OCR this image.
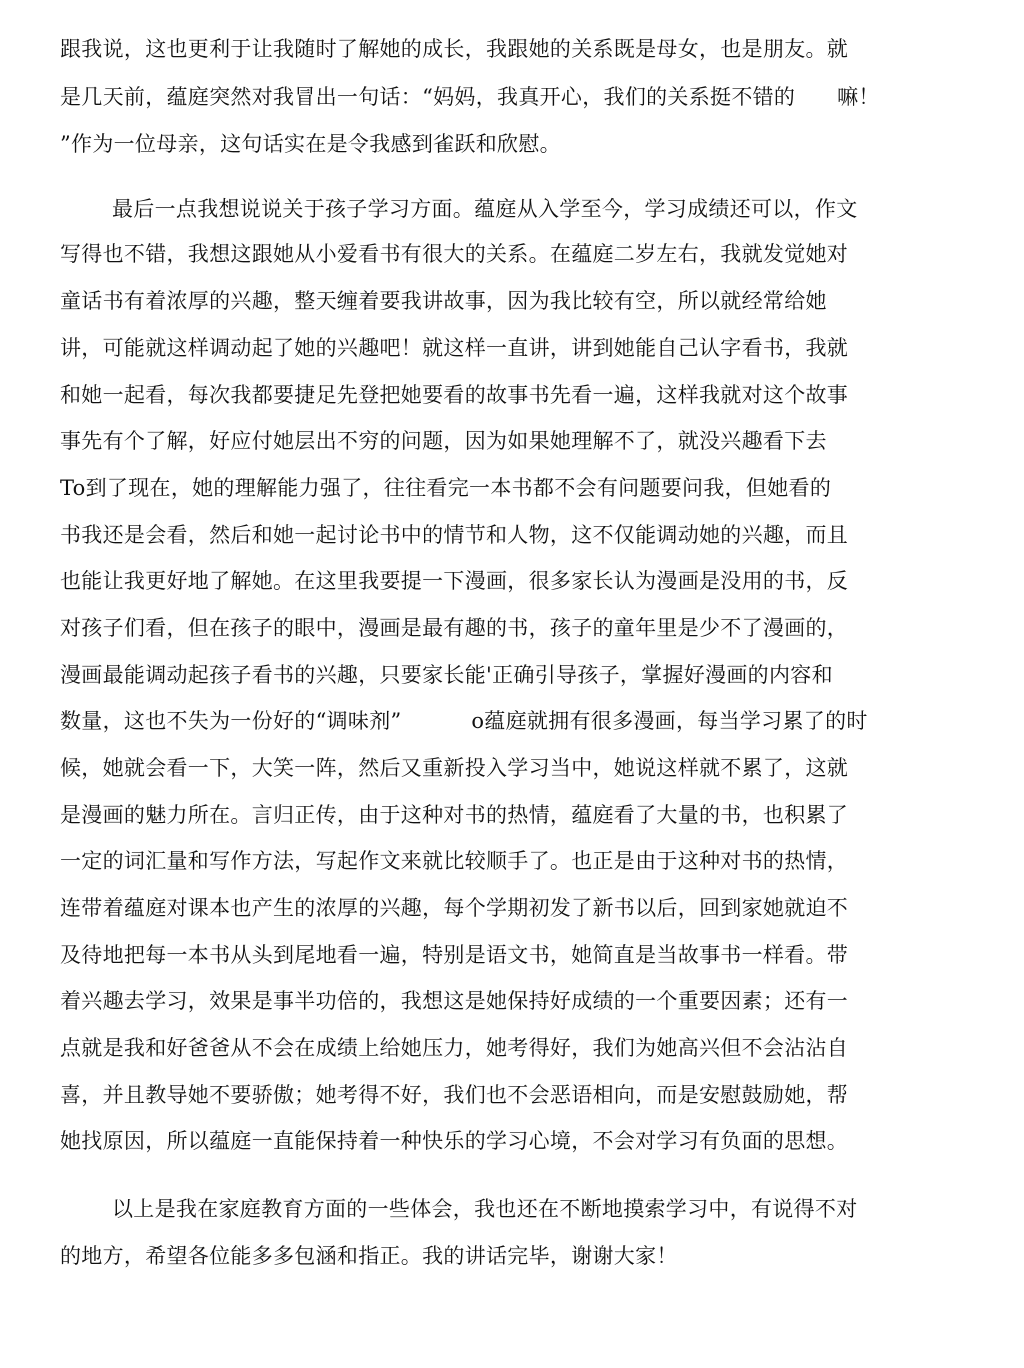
跟我说，这也更利于让我随时了解她的成长，我跟她的关系既是母女，也是朋友。就
是几天前，蕴庭突然对我冒出一句话：“妈妈，我真开心，我们的关系挺不错的      嘛！
”作为一位母亲，这句话实在是令我感到雀跃和欣慰。
最后一点我想说说关于孩子学习方面。蕴庭从入学至今，学习成绩还可以，作文
写得也不错，我想这跟她从小爱看书有很大的关系。在蕴庭二岁左右，我就发觉她对
童话书有着浓厚的兴趣，整天缠着要我讲故事，因为我比较有空，所以就经常给她
讲，可能就这样调动起了她的兴趣吧！就这样一直讲，讲到她能自己认字看书，我就
和她一起看，每次我都要捷足先登把她要看的故事书先看一遍，这样我就对这个故事
事先有个了解，好应付她层出不穷的问题，因为如果她理解不了，就没兴趣看下去
To到了现在，她的理解能力强了，往往看完一本书都不会有问题要问我，但她看的
书我还是会看，然后和她一起讨论书中的情节和人物，这不仅能调动她的兴趣，而且
也能让我更好地了解她。在这里我要提一下漫画，很多家长认为漫画是没用的书，反
对孩子们看，但在孩子的眼中，漫画是最有趣的书，孩子的童年里是少不了漫画的，
漫画最能调动起孩子看书的兴趣，只要家长能'正确引导孩子，掌握好漫画的内容和
数量，这也不失为一份好的“调味剂”          o蕴庭就拥有很多漫画，每当学习累了的时
候，她就会看一下，大笑一阵，然后又重新投入学习当中，她说这样就不累了，这就
是漫画的魅力所在。言归正传，由于这种对书的热情，蕴庭看了大量的书，也积累了
一定的词汇量和写作方法，写起作文来就比较顺手了。也正是由于这种对书的热情，
连带着蕴庭对课本也产生的浓厚的兴趣，每个学期初发了新书以后，回到家她就迫不
及待地把每一本书从头到尾地看一遍，特别是语文书，她简直是当故事书一样看。带
着兴趣去学习，效果是事半功倍的，我想这是她保持好成绩的一个重要因素；还有一
点就是我和好爸爸从不会在成绩上给她压力，她考得好，我们为她高兴但不会沾沾自
喜，并且教导她不要骄傲；她考得不好，我们也不会恶语相向，而是安慰鼓励她，帮
她找原因，所以蕴庭一直能保持着一种快乐的学习心境，不会对学习有负面的思想。
以上是我在家庭教育方面的一些体会，我也还在不断地摸索学习中，有说得不对
的地方，希望各位能多多包涵和指正。我的讲话完毕，谢谢大家！
